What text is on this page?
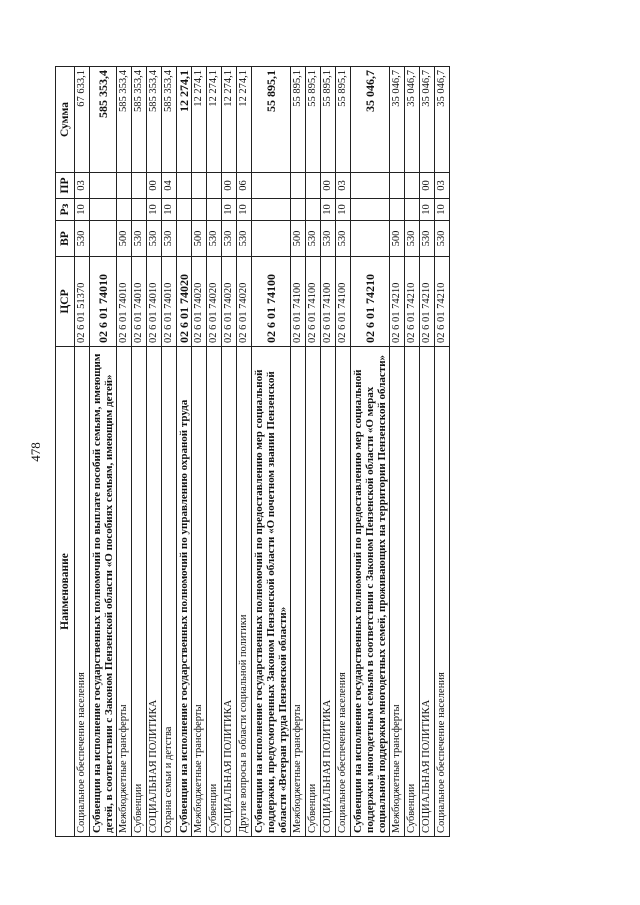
478
Наименование	ЦСР	ВР	Рз	ПР	Сумма
Социальное обеспечение населения	02 6 01 51370	530	10	03	67 633,1
Субвенции на исполнение государственных полномочий по выплате пособий семьям, имеющим детей, в соответствии с Законом Пензенской области «О пособиях семьям, имеющим детей»	02 6 01 74010				585 353,4
Межбюджетные трансферты	02 6 01 74010	500			585 353,4
Субвенции	02 6 01 74010	530			585 353,4
СОЦИАЛЬНАЯ ПОЛИТИКА	02 6 01 74010	530	10	00	585 353,4
Охрана семьи и детства	02 6 01 74010	530	10	04	585 353,4
Субвенции на исполнение государственных полномочий по управлению охраной труда	02 6 01 74020				12 274,1
Межбюджетные трансферты	02 6 01 74020	500			12 274,1
Субвенции	02 6 01 74020	530			12 274,1
СОЦИАЛЬНАЯ ПОЛИТИКА	02 6 01 74020	530	10	00	12 274,1
Другие вопросы в области социальной политики	02 6 01 74020	530	10	06	12 274,1
Субвенции на исполнение государственных полномочий по предоставлению мер социальной поддержки, предусмотренных Законом Пензенской области «О почетном звании Пензенской области «Ветеран труда Пензенской области»	02 6 01 74100				55 895,1
Межбюджетные трансферты	02 6 01 74100	500			55 895,1
Субвенции	02 6 01 74100	530			55 895,1
СОЦИАЛЬНАЯ ПОЛИТИКА	02 6 01 74100	530	10	00	55 895,1
Социальное обеспечение населения	02 6 01 74100	530	10	03	55 895,1
Субвенции на исполнение государственных полномочий по предоставлению мер социальной поддержки многодетным семьям в соответствии с Законом Пензенской области «О мерах социальной поддержки многодетных семей, проживающих на территории Пензенской области»	02 6 01 74210				35 046,7
Межбюджетные трансферты	02 6 01 74210	500			35 046,7
Субвенции	02 6 01 74210	530			35 046,7
СОЦИАЛЬНАЯ ПОЛИТИКА	02 6 01 74210	530	10	00	35 046,7
Социальное обеспечение населения	02 6 01 74210	530	10	03	35 046,7
